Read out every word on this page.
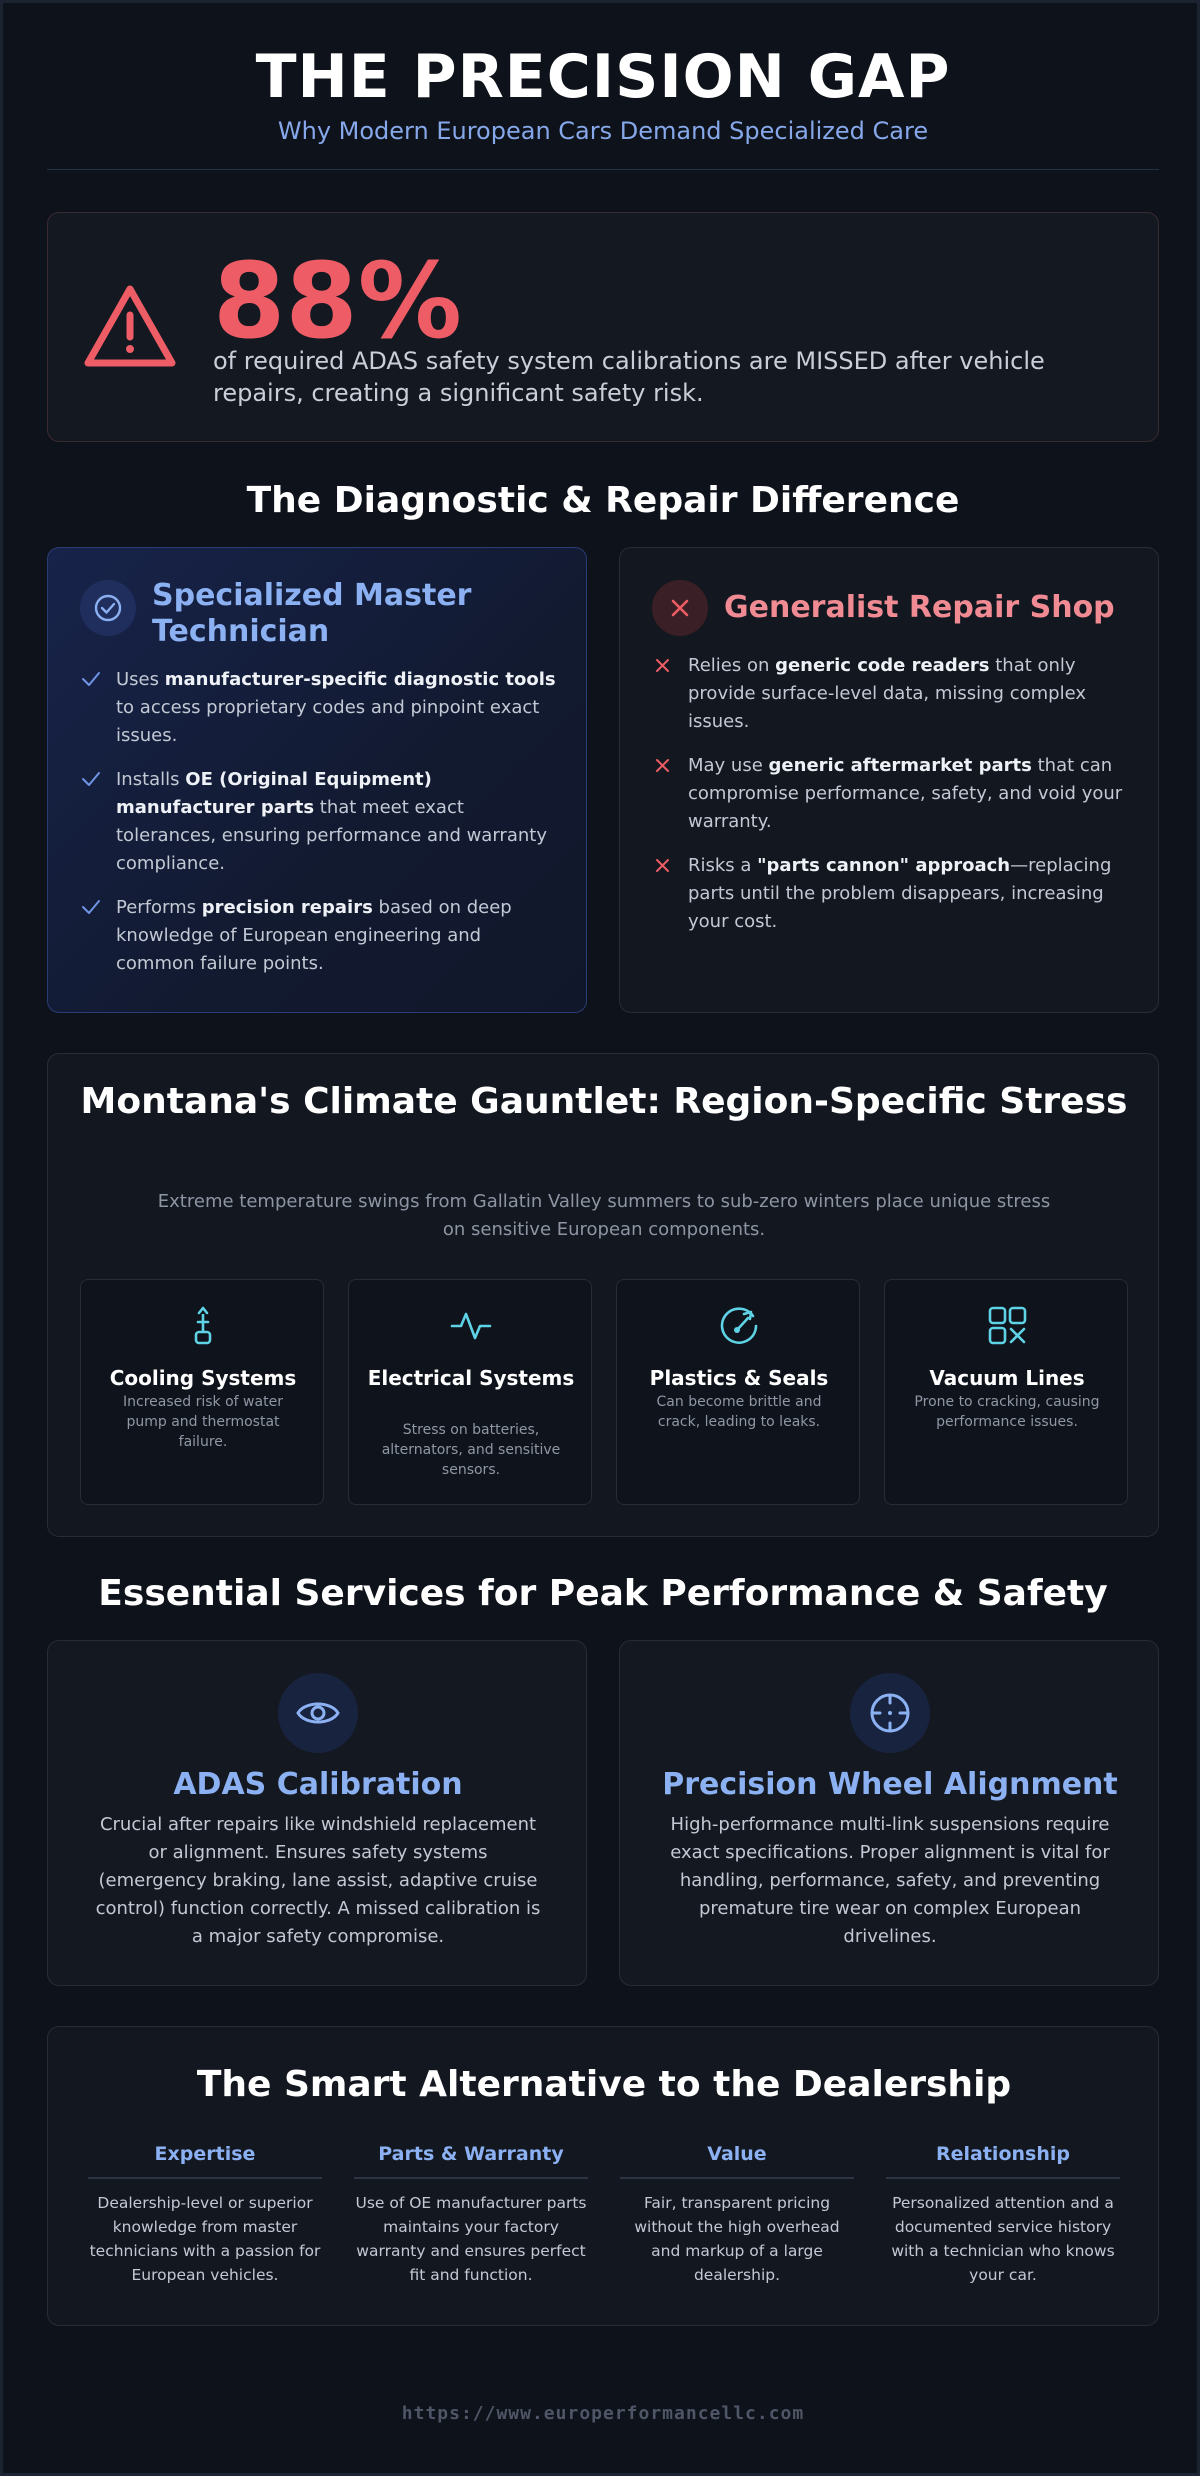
THE PRECISION GAP
Why Modern European Cars Demand Specialized Care
88%
of required ADAS safety system calibrations are MISSED after vehicle repairs, creating a significant safety risk.
The Diagnostic & Repair Difference
Specialized Master Technician
Uses manufacturer-specific diagnostic tools to access proprietary codes and pinpoint exact issues.
Installs OE (Original Equipment) manufacturer parts that meet exact tolerances, ensuring performance and warranty compliance.
Performs precision repairs based on deep knowledge of European engineering and common failure points.
Generalist Repair Shop
Relies on generic code readers that only provide surface-level data, missing complex issues.
May use generic aftermarket parts that can compromise performance, safety, and void your warranty.
Risks a "parts cannon" approach—replacing parts until the problem disappears, increasing your cost.
Montana's Climate Gauntlet: Region-Specific Stress
Extreme temperature swings from Gallatin Valley summers to sub-zero winters place unique stress on sensitive European components.
Cooling Systems
Increased risk of water pump and thermostat failure.
Electrical Systems
Stress on batteries, alternators, and sensitive sensors.
Plastics & Seals
Can become brittle and crack, leading to leaks.
Vacuum Lines
Prone to cracking, causing performance issues.
Essential Services for Peak Performance & Safety
ADAS Calibration
Crucial after repairs like windshield replacement or alignment. Ensures safety systems (emergency braking, lane assist, adaptive cruise control) function correctly. A missed calibration is a major safety compromise.
Precision Wheel Alignment
High-performance multi-link suspensions require exact specifications. Proper alignment is vital for handling, performance, safety, and preventing premature tire wear on complex European drivelines.
The Smart Alternative to the Dealership
Expertise
Dealership-level or superior knowledge from master technicians with a passion for European vehicles.
Parts & Warranty
Use of OE manufacturer parts maintains your factory warranty and ensures perfect fit and function.
Value
Fair, transparent pricing without the high overhead and markup of a large dealership.
Relationship
Personalized attention and a documented service history with a technician who knows your car.
https://www.europerformancellc.com
